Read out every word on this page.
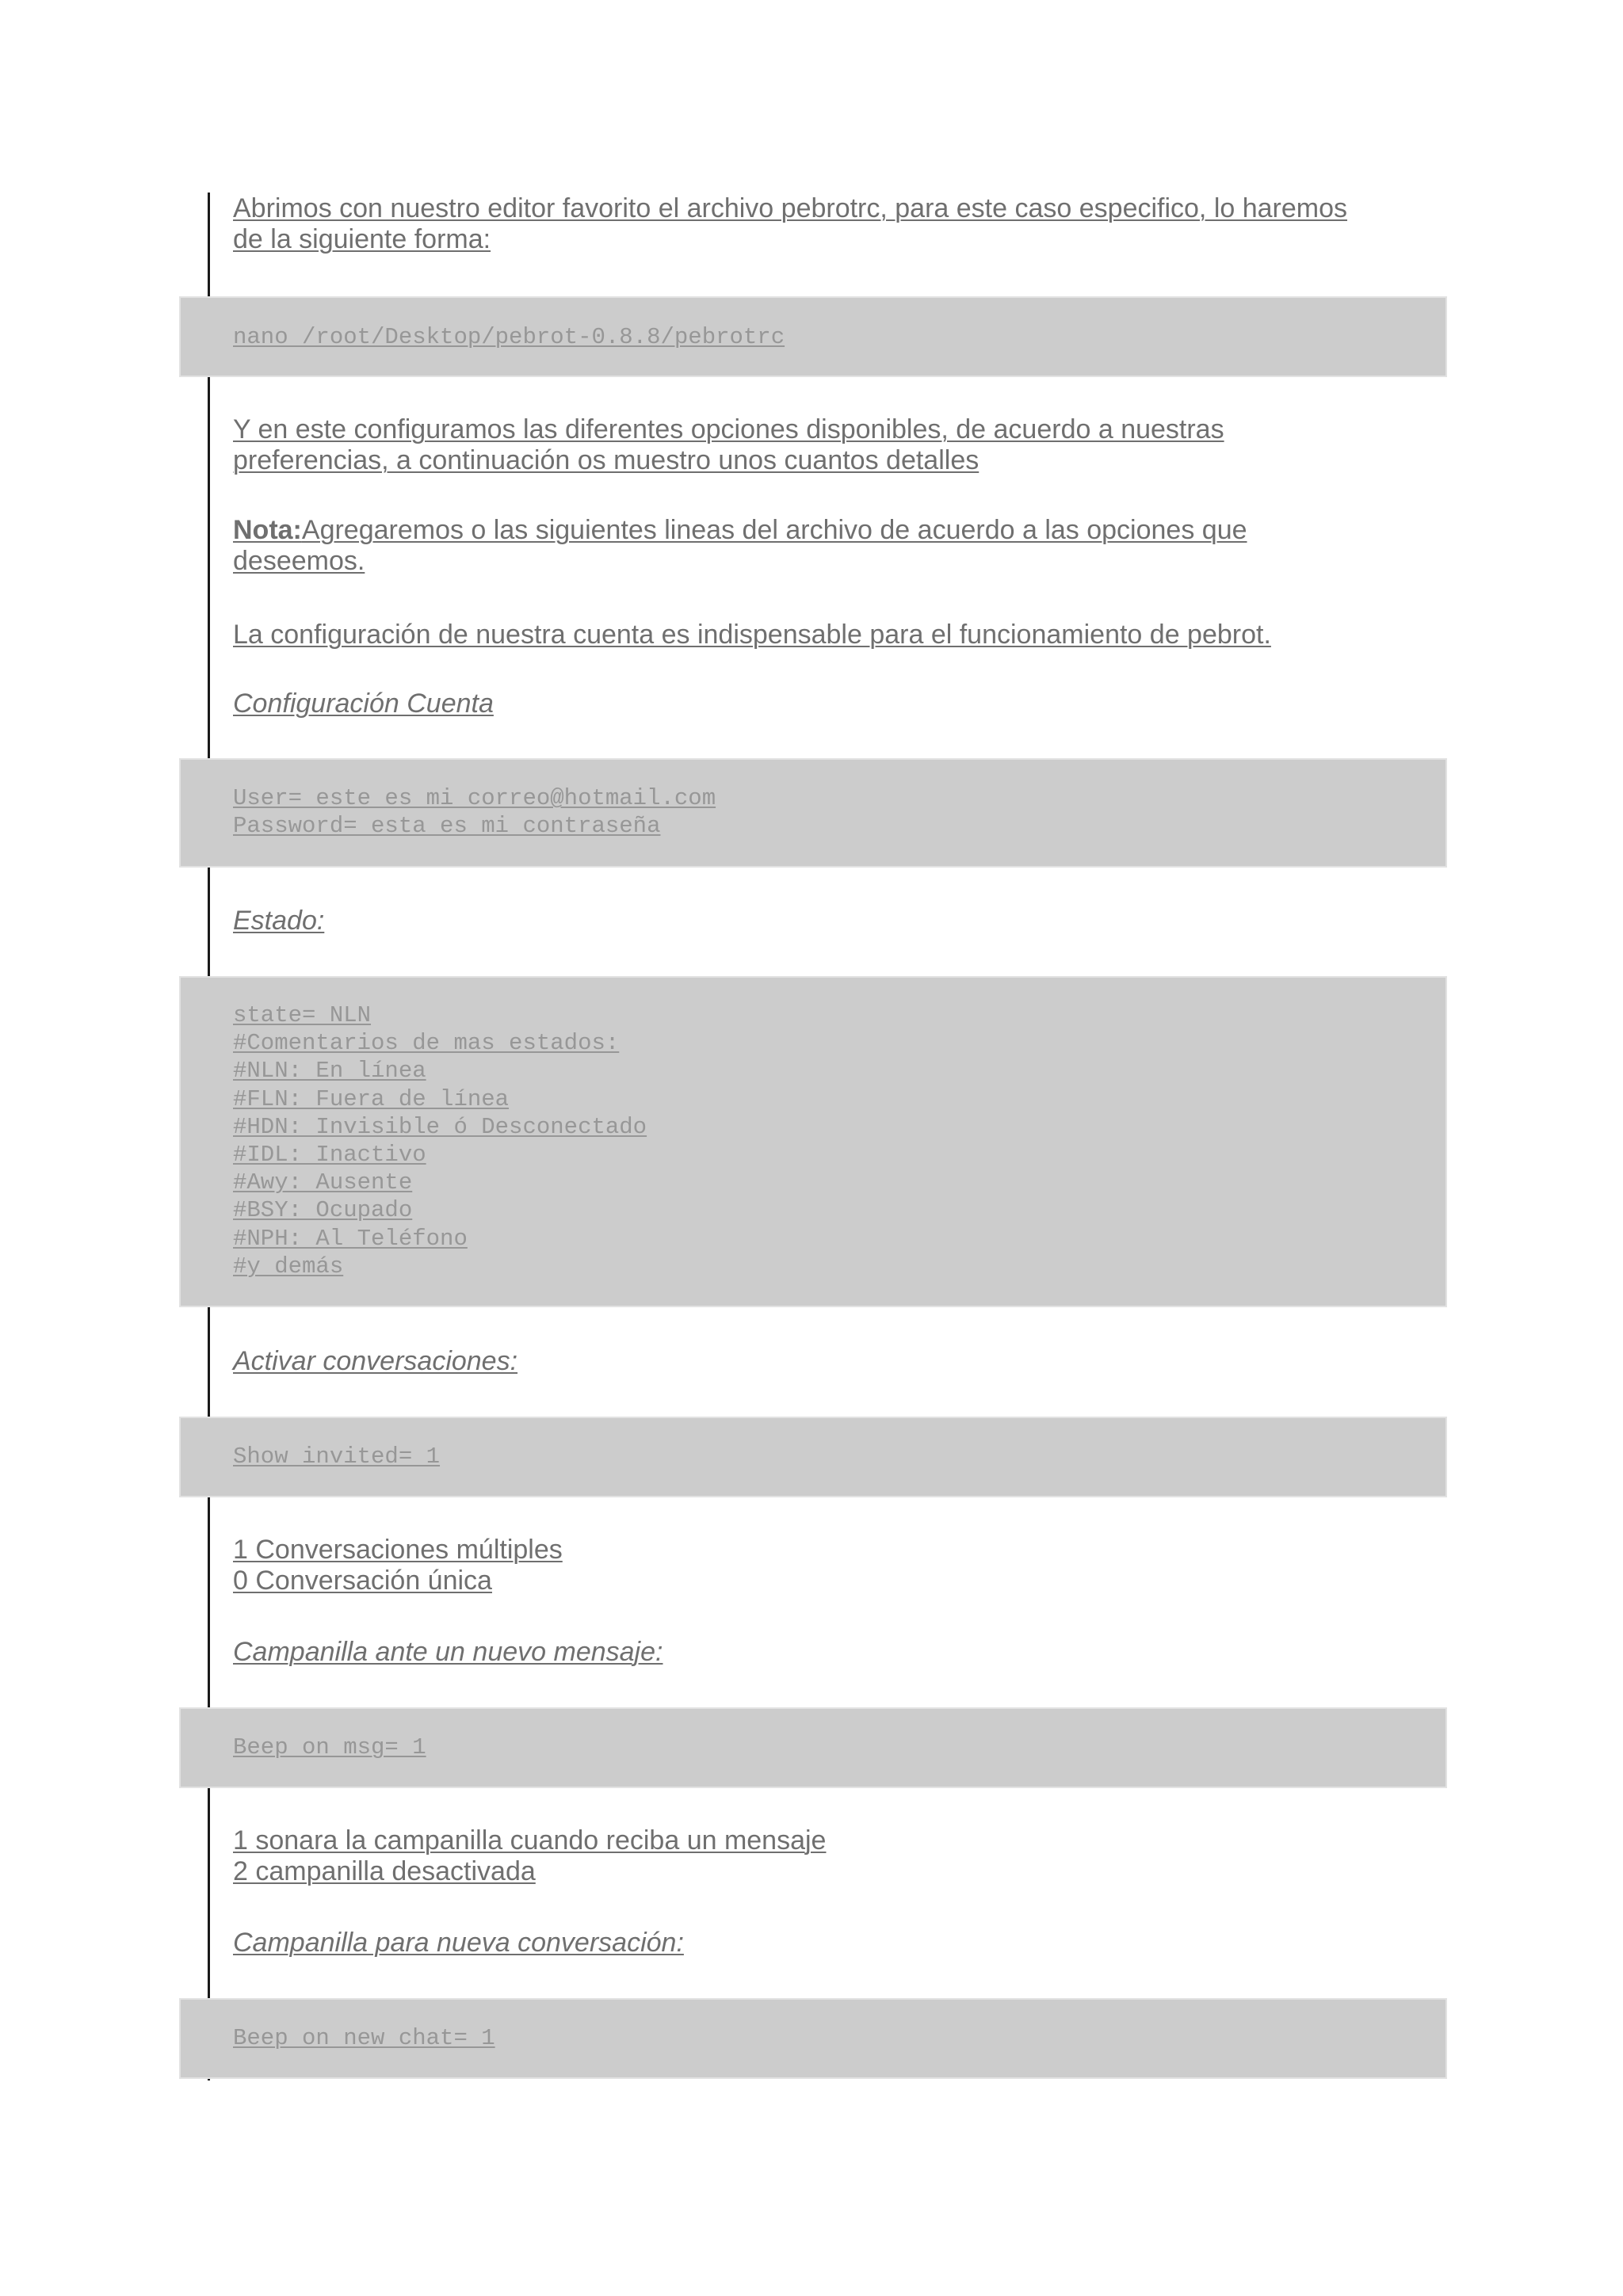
Abrimos con nuestro editor favorito el archivo pebrotrc, para este caso especifico, lo haremos
de la siguiente forma:

nano /root/Desktop/pebrot-0.8.8/pebrotrc

Y en este configuramos las diferentes opciones disponibles, de acuerdo a nuestras
preferencias, a continuación os muestro unos cuantos detalles

Nota:Agregaremos o las siguientes lineas del archivo de acuerdo a las opciones que
deseemos.

La configuración de nuestra cuenta es indispensable para el funcionamiento de pebrot.

Configuración Cuenta

User= este es mi correo@hotmail.com
Password= esta es mi contraseña

Estado:

state= NLN
#Comentarios de mas estados:
#NLN: En línea
#FLN: Fuera de línea
#HDN: Invisible ó Desconectado
#IDL: Inactivo
#Awy: Ausente
#BSY: Ocupado
#NPH: Al Teléfono
#y demás

Activar conversaciones:

Show invited= 1

1 Conversaciones múltiples
0 Conversación única

Campanilla ante un nuevo mensaje:

Beep on msg= 1

1 sonara la campanilla cuando reciba un mensaje
2 campanilla desactivada

Campanilla para nueva conversación:

Beep on new chat= 1
